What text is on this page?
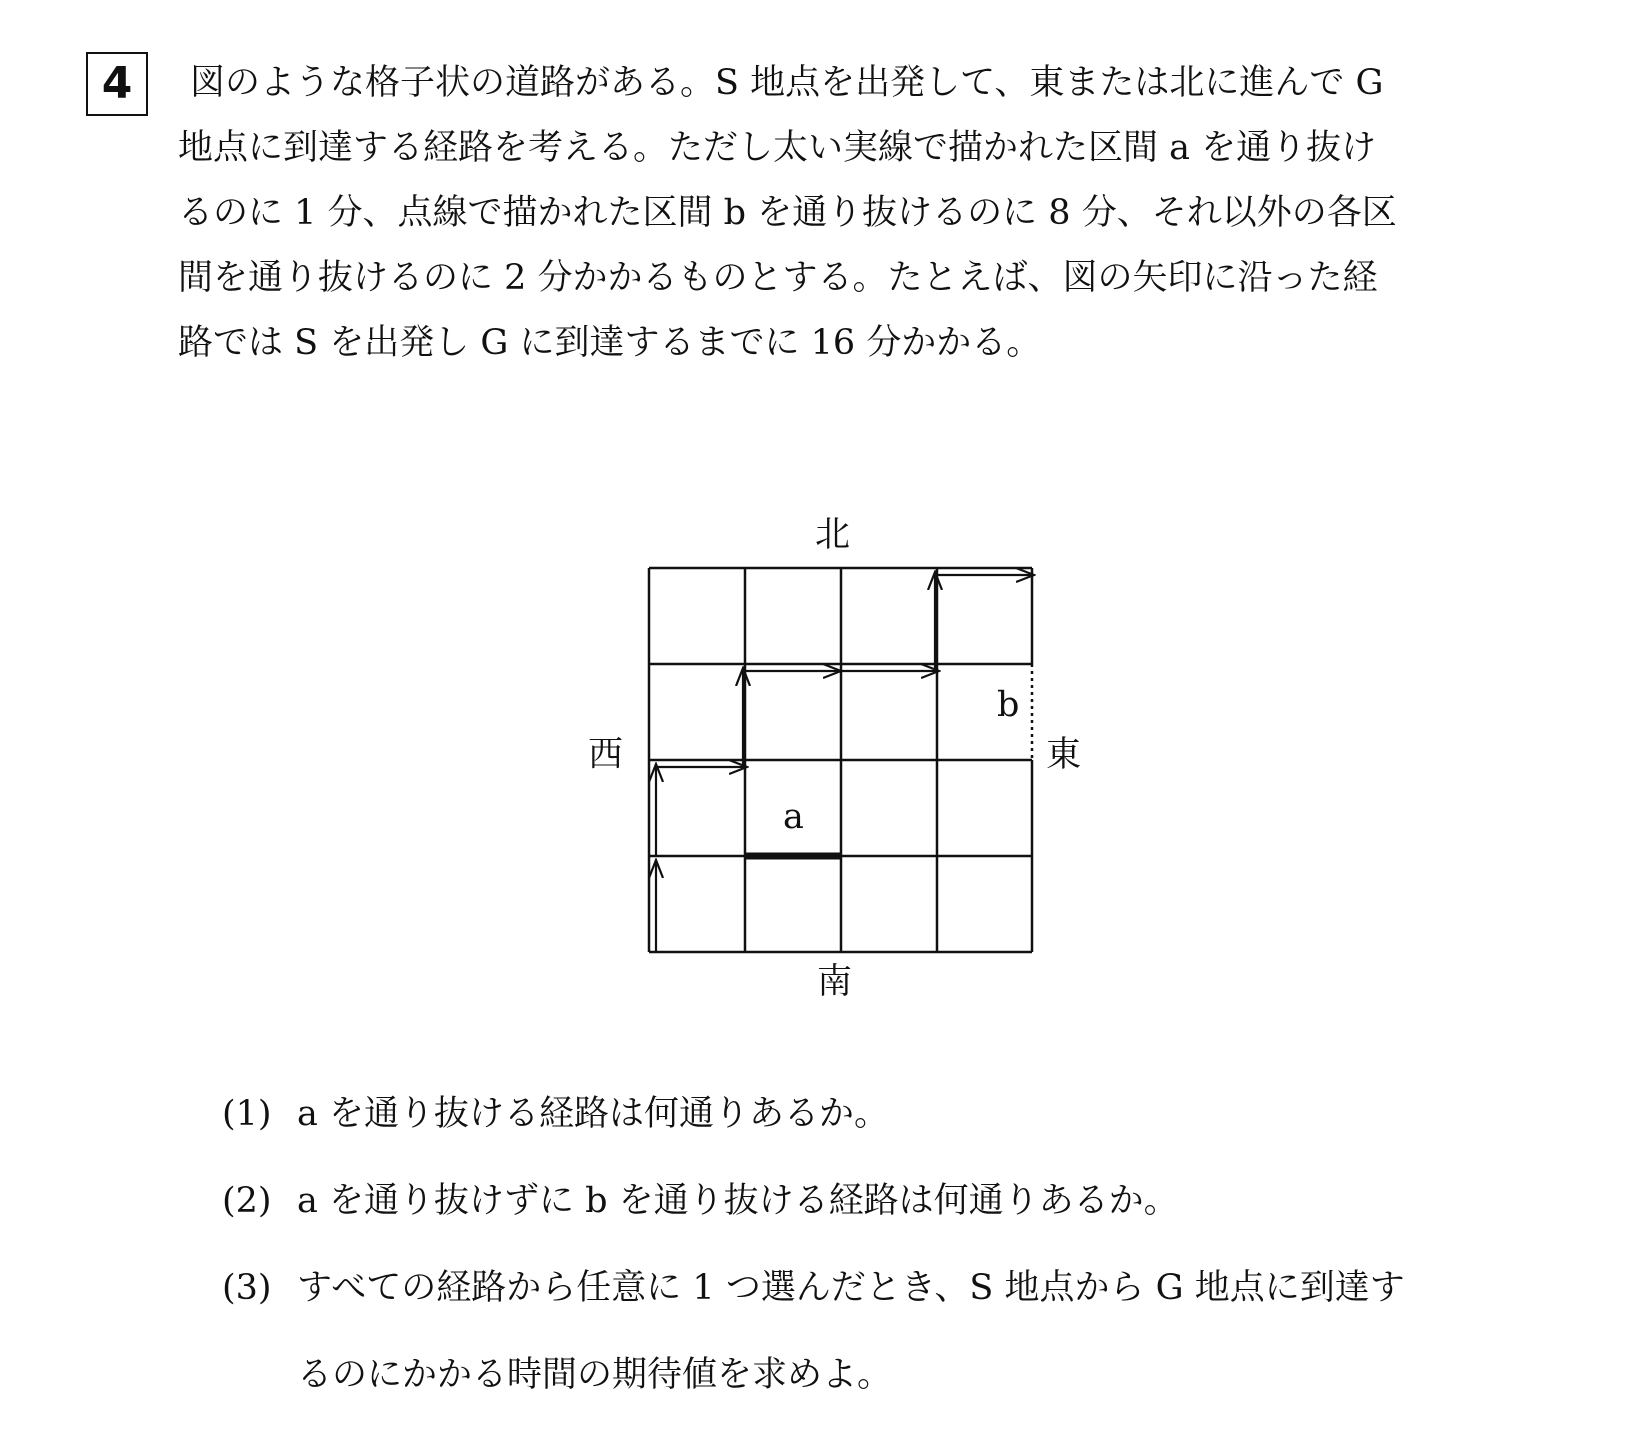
4	図のような格子状の道路がある。S 地点を出発して、東または北に進んで G
地点に到達する経路を考える。ただし太い実線で描かれた区間 a を通り抜け
るのに 1 分、点線で描かれた区間 b を通り抜けるのに 8 分、それ以外の各区
間を通り抜けるのに 2 分かかるものとする。たとえば、図の矢印に沿った経
路では S を出発し G に到達するまでに 16 分かかる。
北
南
西	東
a
b
(1) a を通り抜ける経路は何通りあるか。
(2) a を通り抜けずに b を通り抜ける経路は何通りあるか。
(3) すべての経路から任意に 1 つ選んだとき、S 地点から G 地点に到達す
るのにかかる時間の期待値を求めよ。
